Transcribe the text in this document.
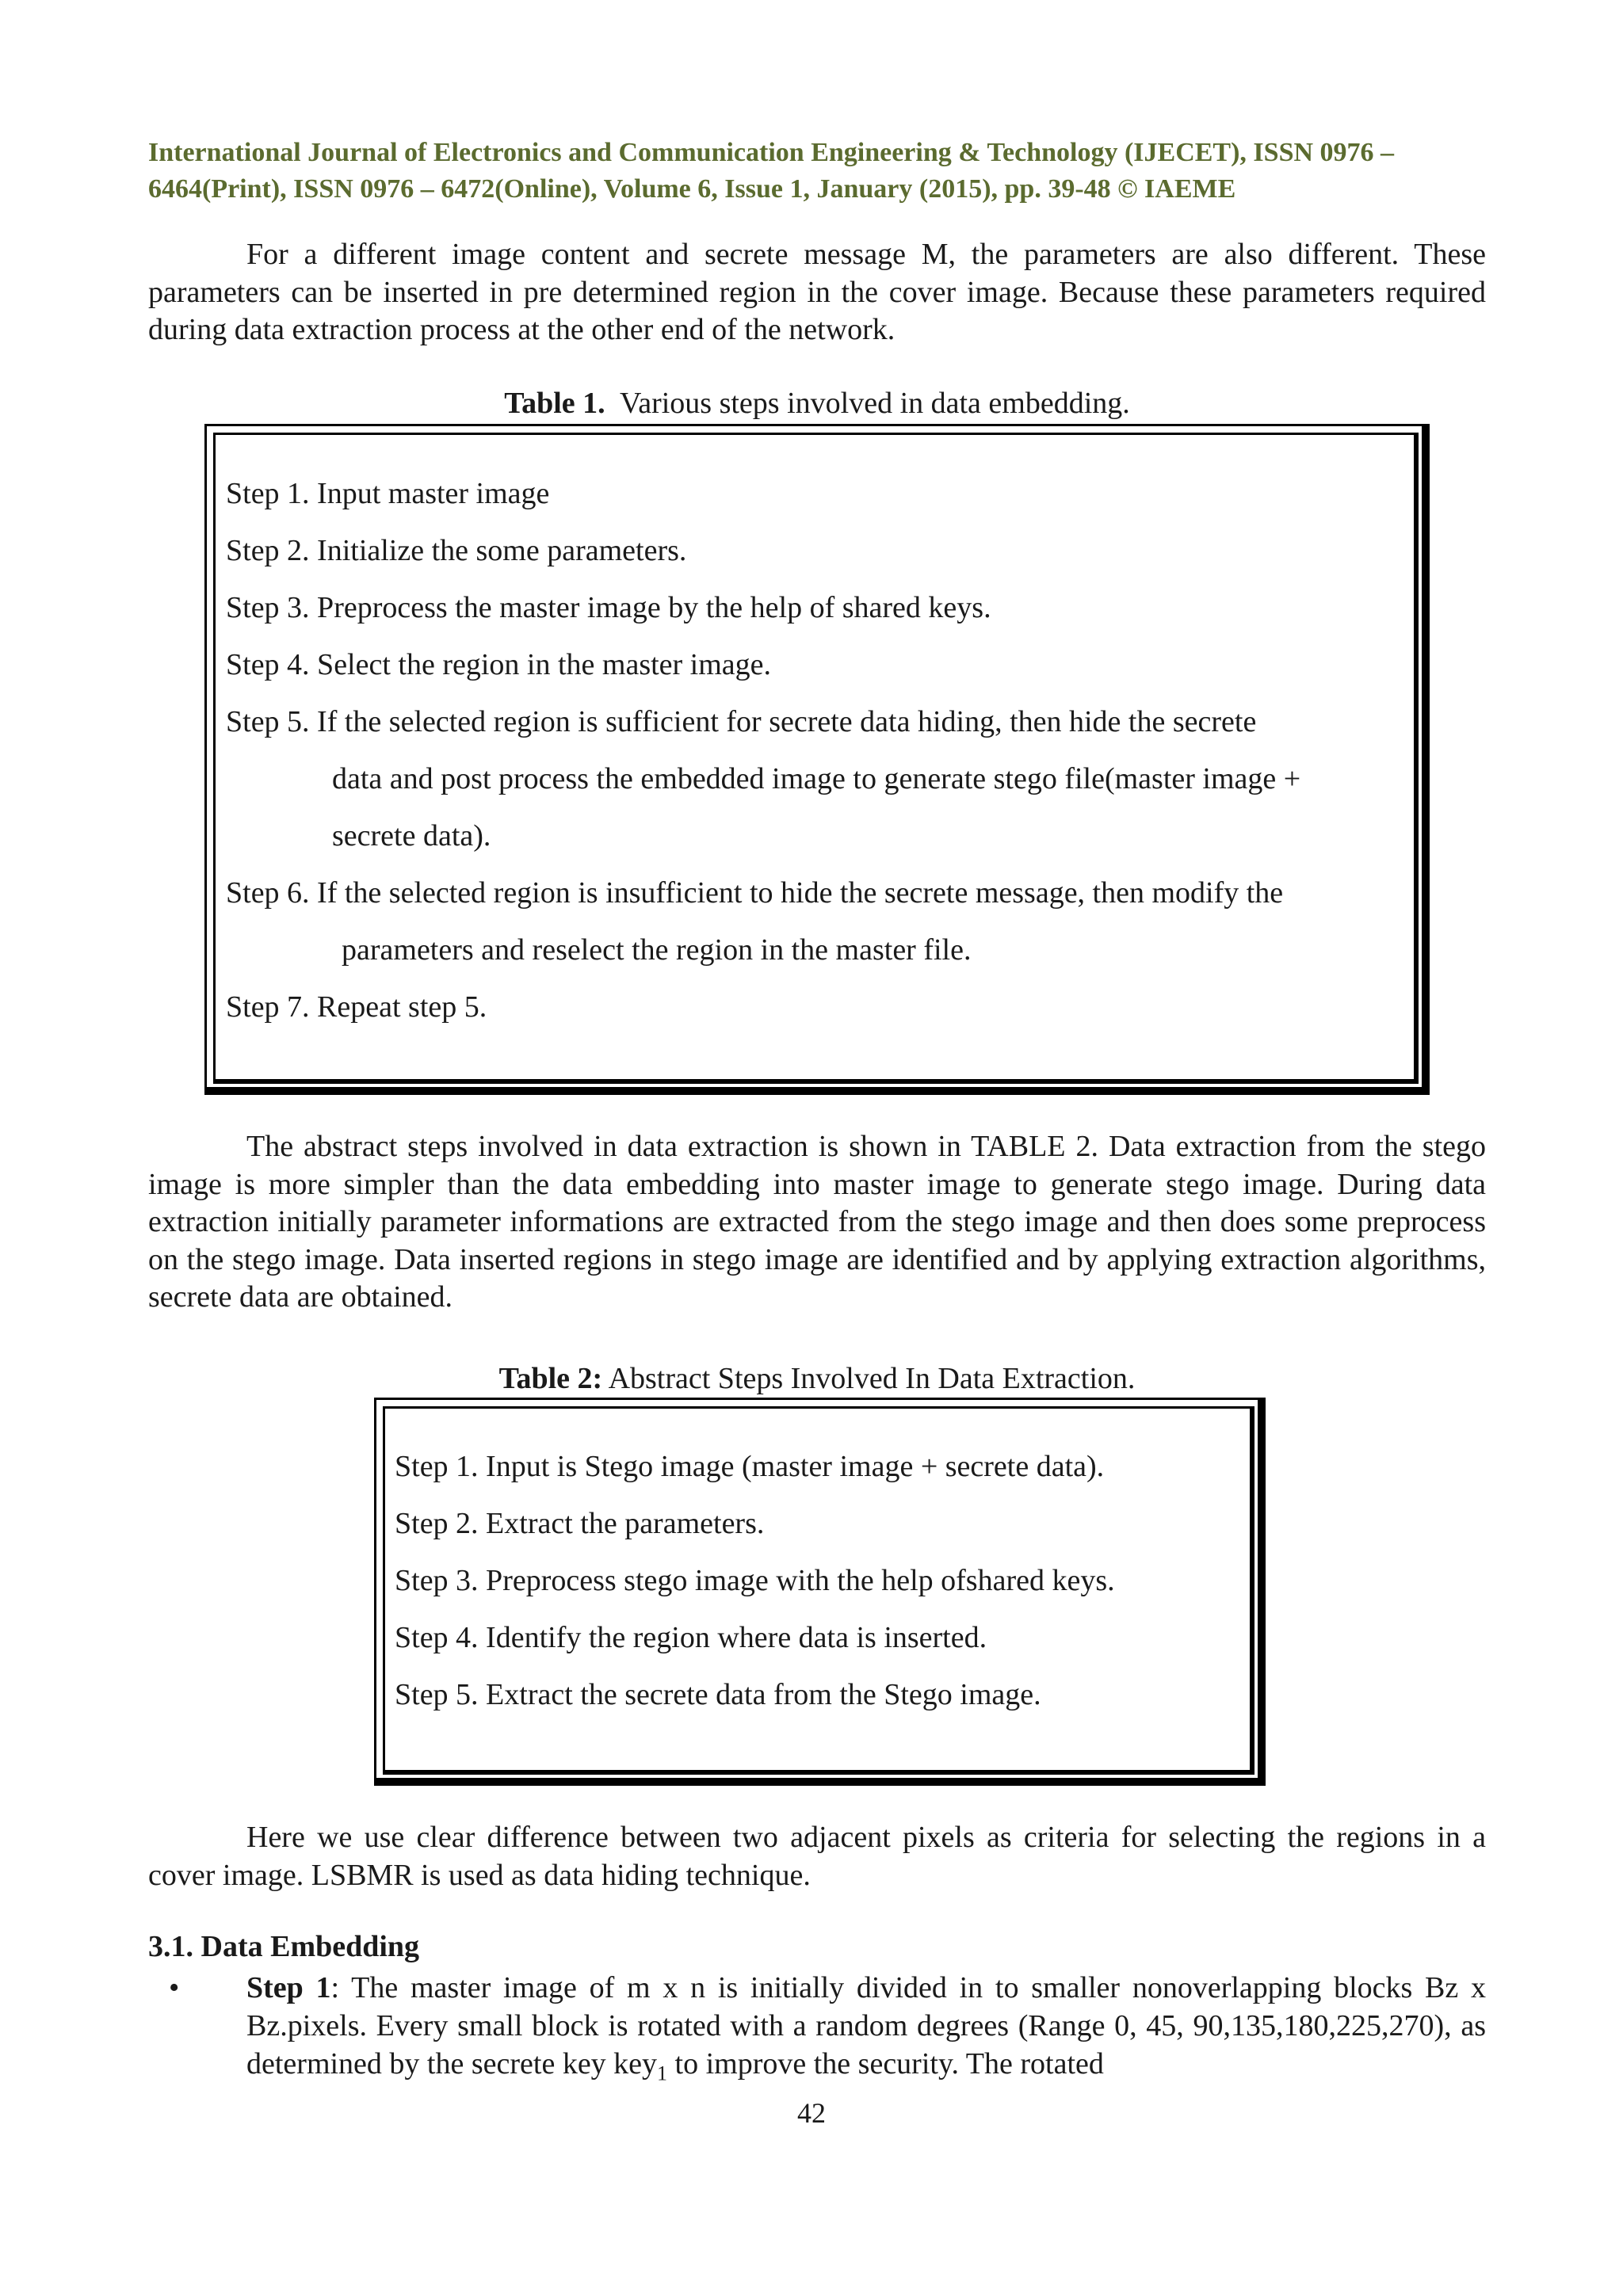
International Journal of Electronics and Communication Engineering & Technology (IJECET), ISSN 0976 –
6464(Print), ISSN 0976 – 6472(Online), Volume 6, Issue 1, January (2015), pp. 39-48 © IAEME
For a different image content and secrete message M, the parameters are also different. These parameters can be inserted in pre determined region in the cover image. Because these parameters required during data extraction process at the other end of the network.
Table 1. Various steps involved in data embedding.
Step 1. Input master image
Step 2. Initialize the some parameters.
Step 3. Preprocess the master image by the help of shared keys.
Step 4. Select the region in the master image.
Step 5. If the selected region is sufficient for secrete data hiding, then hide the secrete
data and post process the embedded image to generate stego file(master image +
secrete data).
Step 6. If the selected region is insufficient to hide the secrete message, then modify the
parameters and reselect the region in the master file.
Step 7. Repeat step 5.
The abstract steps involved in data extraction is shown in TABLE 2. Data extraction from the stego image is more simpler than the data embedding into master image to generate stego image. During data extraction initially parameter informations are extracted from the stego image and then does some preprocess on the stego image. Data inserted regions in stego image are identified and by applying extraction algorithms, secrete data are obtained.
Table 2: Abstract Steps Involved In Data Extraction.
Step 1. Input is Stego image (master image + secrete data).
Step 2. Extract the parameters.
Step 3. Preprocess stego image with the help ofshared keys.
Step 4. Identify the region where data is inserted.
Step 5. Extract the secrete data from the Stego image.
Here we use clear difference between two adjacent pixels as criteria for selecting the regions in a cover image. LSBMR is used as data hiding technique.
3.1. Data Embedding
•	Step 1: The master image of m x n is initially divided in to smaller nonoverlapping blocks Bz x Bz.pixels. Every small block is rotated with a random degrees (Range 0, 45, 90,135,180,225,270), as determined by the secrete key key$_1$ to improve the security. The rotated
42
